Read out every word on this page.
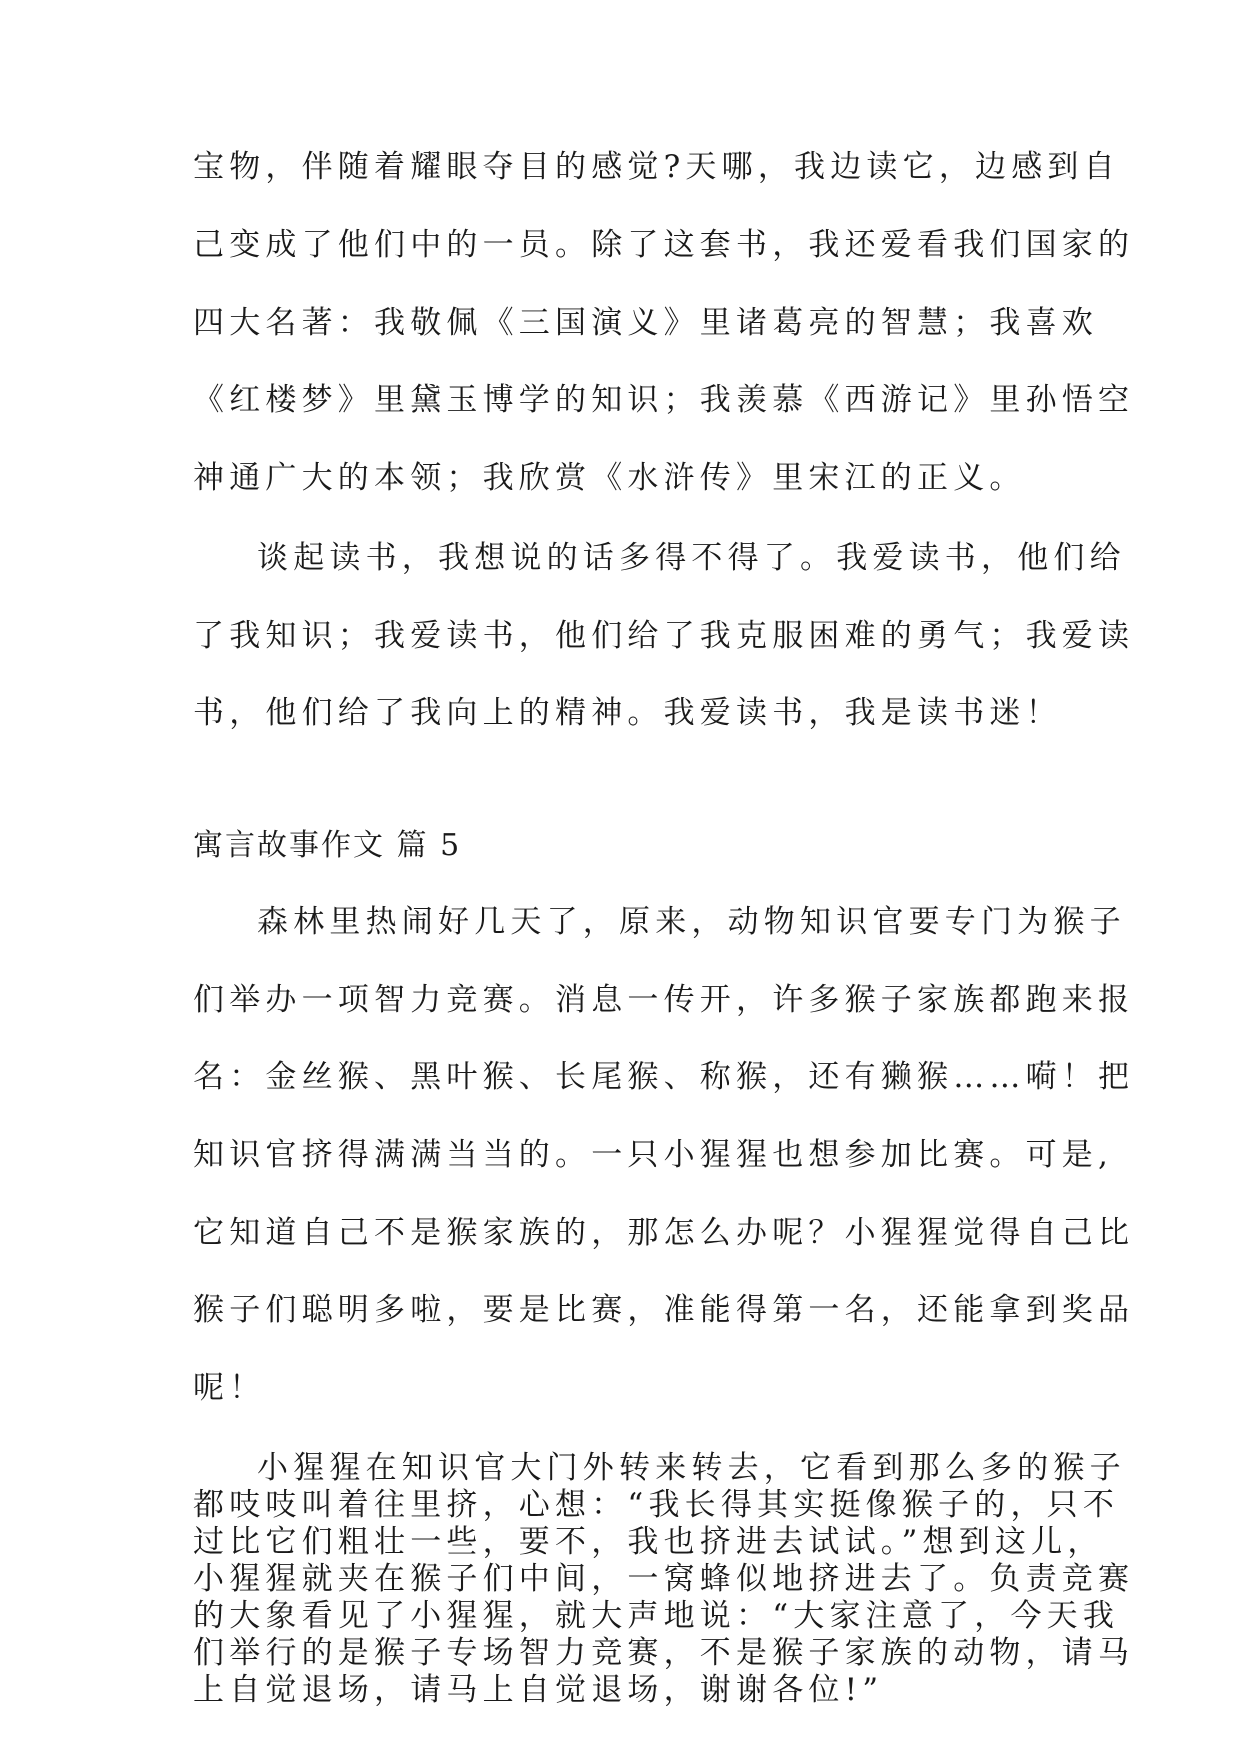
宝物，伴随着耀眼夺目的感觉?天哪，我边读它，边感到自
己变成了他们中的一员。除了这套书，我还爱看我们国家的
四大名著：我敬佩《三国演义》里诸葛亮的智慧；我喜欢
《红楼梦》里黛玉博学的知识；我羡慕《西游记》里孙悟空
神通广大的本领；我欣赏《水浒传》里宋江的正义。
谈起读书，我想说的话多得不得了。我爱读书，他们给
了我知识；我爱读书，他们给了我克服困难的勇气；我爱读
书，他们给了我向上的精神。我爱读书，我是读书迷！
寓言故事作文 篇 5
森林里热闹好几天了，原来，动物知识官要专门为猴子
们举办一项智力竞赛。消息一传开，许多猴子家族都跑来报
名：金丝猴、黑叶猴、长尾猴、称猴，还有獭猴……嗬！把
知识官挤得满满当当的。一只小猩猩也想参加比赛。可是,
它知道自己不是猴家族的，那怎么办呢？小猩猩觉得自己比
猴子们聪明多啦，要是比赛，准能得第一名，还能拿到奖品
呢！
小猩猩在知识官大门外转来转去，它看到那么多的猴子
都吱吱叫着往里挤，心想：“我长得其实挺像猴子的，只不
过比它们粗壮一些，要不，我也挤进去试试。”想到这儿，
小猩猩就夹在猴子们中间，一窝蜂似地挤进去了。负责竞赛
的大象看见了小猩猩，就大声地说：“大家注意了，今天我
们举行的是猴子专场智力竞赛，不是猴子家族的动物，请马
上自觉退场，请马上自觉退场，谢谢各位!”
